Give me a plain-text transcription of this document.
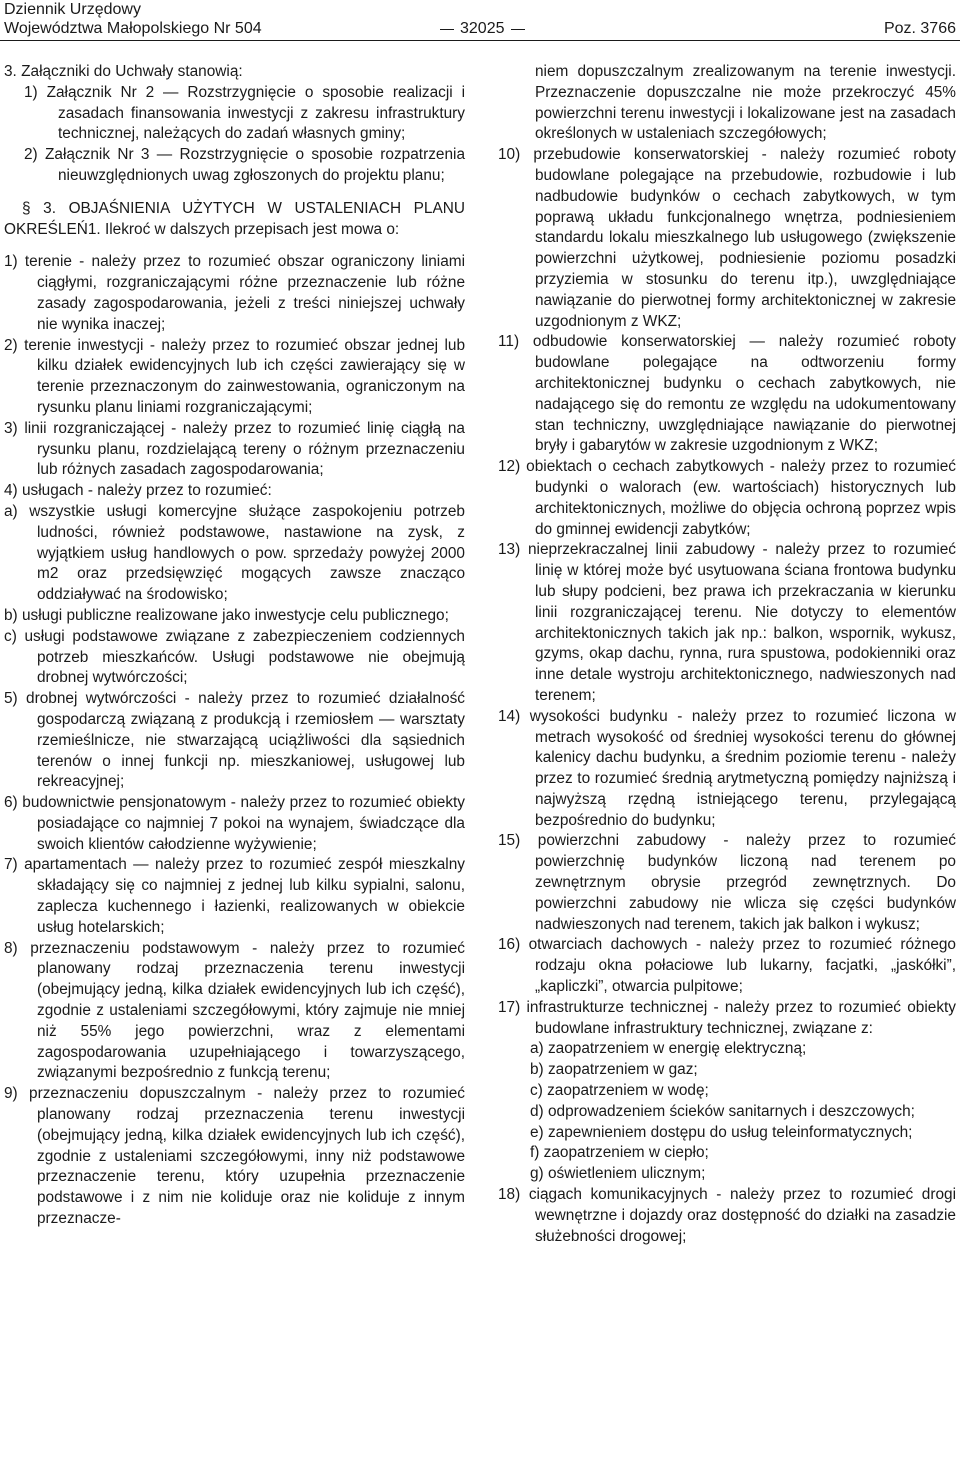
Dziennik Urzędowy
Województwa Małopolskiego Nr 504	32025	Poz. 3766

3. Załączniki do Uchwały stanowią:

1) Załącznik Nr 2 — Rozstrzygnięcie o sposobie realizacji i zasadach finansowania inwestycji z zakresu infrastruktury technicznej, należących do zadań własnych gminy;

2) Załącznik Nr 3 — Rozstrzygnięcie o sposobie rozpatrzenia nieuwzględnionych uwag zgłoszonych do projektu planu;

§ 3. OBJAŚNIENIA UŻYTYCH W USTALENIACH PLANU OKREŚLEŃ1. Ilekroć w dalszych przepisach jest mowa o:

1) terenie - należy przez to rozumieć obszar ograniczony liniami ciągłymi, rozgraniczającymi różne przeznaczenie lub różne zasady zagospodarowania, jeżeli z treści niniejszej uchwały nie wynika inaczej;

2) terenie inwestycji - należy przez to rozumieć obszar jednej lub kilku działek ewidencyjnych lub ich części zawierający się w terenie przeznaczonym do zainwestowania, ograniczonym na rysunku planu liniami rozgraniczającymi;

3) linii rozgraniczającej - należy przez to rozumieć linię ciągłą na rysunku planu, rozdzielającą tereny o różnym przeznaczeniu lub różnych zasadach zagospodarowania;

4) usługach - należy przez to rozumieć:

a) wszystkie usługi komercyjne służące zaspokojeniu potrzeb ludności, również podstawowe, nastawione na zysk, z wyjątkiem usług handlowych o pow. sprzedaży powyżej 2000 m2 oraz przedsięwzięć mogących zawsze znacząco oddziaływać na środowisko;

b) usługi publiczne realizowane jako inwestycje celu publicznego;

c) usługi podstawowe związane z zabezpieczeniem codziennych potrzeb mieszkańców. Usługi podstawowe nie obejmują drobnej wytwórczości;

5) drobnej wytwórczości - należy przez to rozumieć działalność gospodarczą związaną z produkcją i rzemiosłem — warsztaty rzemieślnicze, nie stwarzającą uciążliwości dla sąsiednich terenów o innej funkcji np. mieszkaniowej, usługowej lub rekreacyjnej;

6) budownictwie pensjonatowym - należy przez to rozumieć obiekty posiadające co najmniej 7 pokoi na wynajem, świadczące dla swoich klientów całodzienne wyżywienie;

7) apartamentach — należy przez to rozumieć zespół mieszkalny składający się co najmniej z jednej lub kilku sypialni, salonu, zaplecza kuchennego i łazienki, realizowanych w obiekcie usług hotelarskich;

8) przeznaczeniu podstawowym - należy przez to rozumieć planowany rodzaj przeznaczenia terenu inwestycji (obejmujący jedną, kilka działek ewidencyjnych lub ich część), zgodnie z ustaleniami szczegółowymi, który zajmuje nie mniej niż 55% jego powierzchni, wraz z elementami zagospodarowania uzupełniającego i towarzyszącego, związanymi bezpośrednio z funkcją terenu;

9) przeznaczeniu dopuszczalnym - należy przez to rozumieć planowany rodzaj przeznaczenia terenu inwestycji (obejmujący jedną, kilka działek ewidencyjnych lub ich część), zgodnie z ustaleniami szczegółowymi, inny niż podstawowe przeznaczenie terenu, który uzupełnia przeznaczenie podstawowe i z nim nie koliduje oraz nie koliduje z innym przeznacze-

niem dopuszczalnym zrealizowanym na terenie inwestycji. Przeznaczenie dopuszczalne nie może przekroczyć 45% powierzchni terenu inwestycji i lokalizowane jest na zasadach określonych w ustaleniach szczegółowych;

10) przebudowie konserwatorskiej - należy rozumieć roboty budowlane polegające na przebudowie, rozbudowie i lub nadbudowie budynków o cechach zabytkowych, w tym poprawą układu funkcjonalnego wnętrza, podniesieniem standardu lokalu mieszkalnego lub usługowego (zwiększenie powierzchni użytkowej, podniesienie poziomu posadzki przyziemia w stosunku do terenu itp.), uwzględniające nawiązanie do pierwotnej formy architektonicznej w zakresie uzgodnionym z WKZ;

11) odbudowie konserwatorskiej — należy rozumieć roboty budowlane polegające na odtworzeniu formy architektonicznej budynku o cechach zabytkowych, nie nadającego się do remontu ze względu na udokumentowany stan techniczny, uwzględniające nawiązanie do pierwotnej bryły i gabarytów w zakresie uzgodnionym z WKZ;

12) obiektach o cechach zabytkowych - należy przez to rozumieć budynki o walorach (ew. wartościach) historycznych lub architektonicznych, możliwe do objęcia ochroną poprzez wpis do gminnej ewidencji zabytków;

13) nieprzekraczalnej linii zabudowy - należy przez to rozumieć linię w której może być usytuowana ściana frontowa budynku lub słupy podcieni, bez prawa ich przekraczania w kierunku linii rozgraniczającej terenu. Nie dotyczy to elementów architektonicznych takich jak np.: balkon, wspornik, wykusz, gzyms, okap dachu, rynna, rura spustowa, podokienniki oraz inne detale wystroju architektonicznego, nadwieszonych nad terenem;

14) wysokości budynku - należy przez to rozumieć liczona w metrach wysokość od średniej wysokości terenu do głównej kalenicy dachu budynku, a średnim poziomie terenu - należy przez to rozumieć średnią arytmetyczną pomiędzy najniższą i najwyższą rzędną istniejącego terenu, przylegającą bezpośrednio do budynku;

15) powierzchni zabudowy - należy przez to rozumieć powierzchnię budynków liczoną nad terenem po zewnętrznym obrysie przegród zewnętrznych. Do powierzchni zabudowy nie wlicza się części budynków nadwieszonych nad terenem, takich jak balkon i wykusz;

16) otwarciach dachowych - należy przez to rozumieć różnego rodzaju okna połaciowe lub lukarny, facjatki, „jaskółki”, „kapliczki”, otwarcia pulpitowe;

17) infrastrukturze technicznej - należy przez to rozumieć obiekty budowlane infrastruktury technicznej, związane z:

a) zaopatrzeniem w energię elektryczną;

b) zaopatrzeniem w gaz;

c) zaopatrzeniem w wodę;

d) odprowadzeniem ścieków sanitarnych i deszczowych;

e) zapewnieniem dostępu do usług teleinformatycznych;

f) zaopatrzeniem w ciepło;

g) oświetleniem ulicznym;

18) ciągach komunikacyjnych - należy przez to rozumieć drogi wewnętrzne i dojazdy oraz dostępność do działki na zasadzie służebności drogowej;
